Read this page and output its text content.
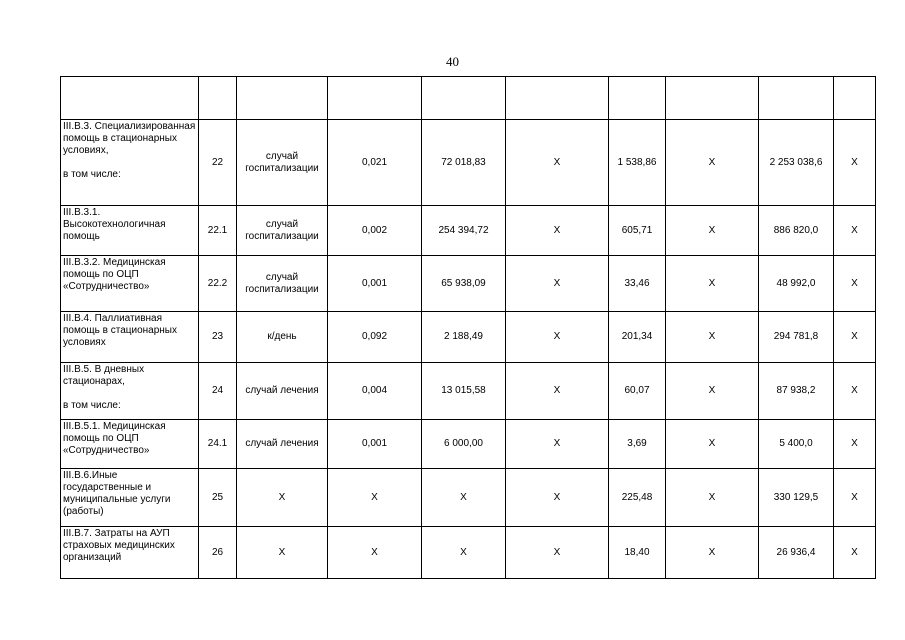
40

III.В.3. Специализированная помощь в стационарных условиях,
в том числе:	22	случай госпитализации	0,021	72 018,83	X	1 538,86	X	2 253 038,6	X
III.В.3.1. Высокотехнологичная помощь	22.1	случай госпитализации	0,002	254 394,72	X	605,71	X	886 820,0	X
III.В.3.2. Медицинская помощь по ОЦП «Сотрудничество»	22.2	случай госпитализации	0,001	65 938,09	X	33,46	X	48 992,0	X
III.В.4. Паллиативная помощь в стационарных условиях	23	к/день	0,092	2 188,49	X	201,34	X	294 781,8	X
III.В.5. В дневных стационарах,
в том числе:	24	случай лечения	0,004	13 015,58	X	60,07	X	87 938,2	X
III.В.5.1. Медицинская помощь по ОЦП «Сотрудничество»	24.1	случай лечения	0,001	6 000,00	X	3,69	X	5 400,0	X
III.В.6.Иные государственные и муниципальные услуги (работы)	25	X	X	X	X	225,48	X	330 129,5	X
III.В.7. Затраты на АУП страховых медицинских организаций	26	X	X	X	X	18,40	X	26 936,4	X
